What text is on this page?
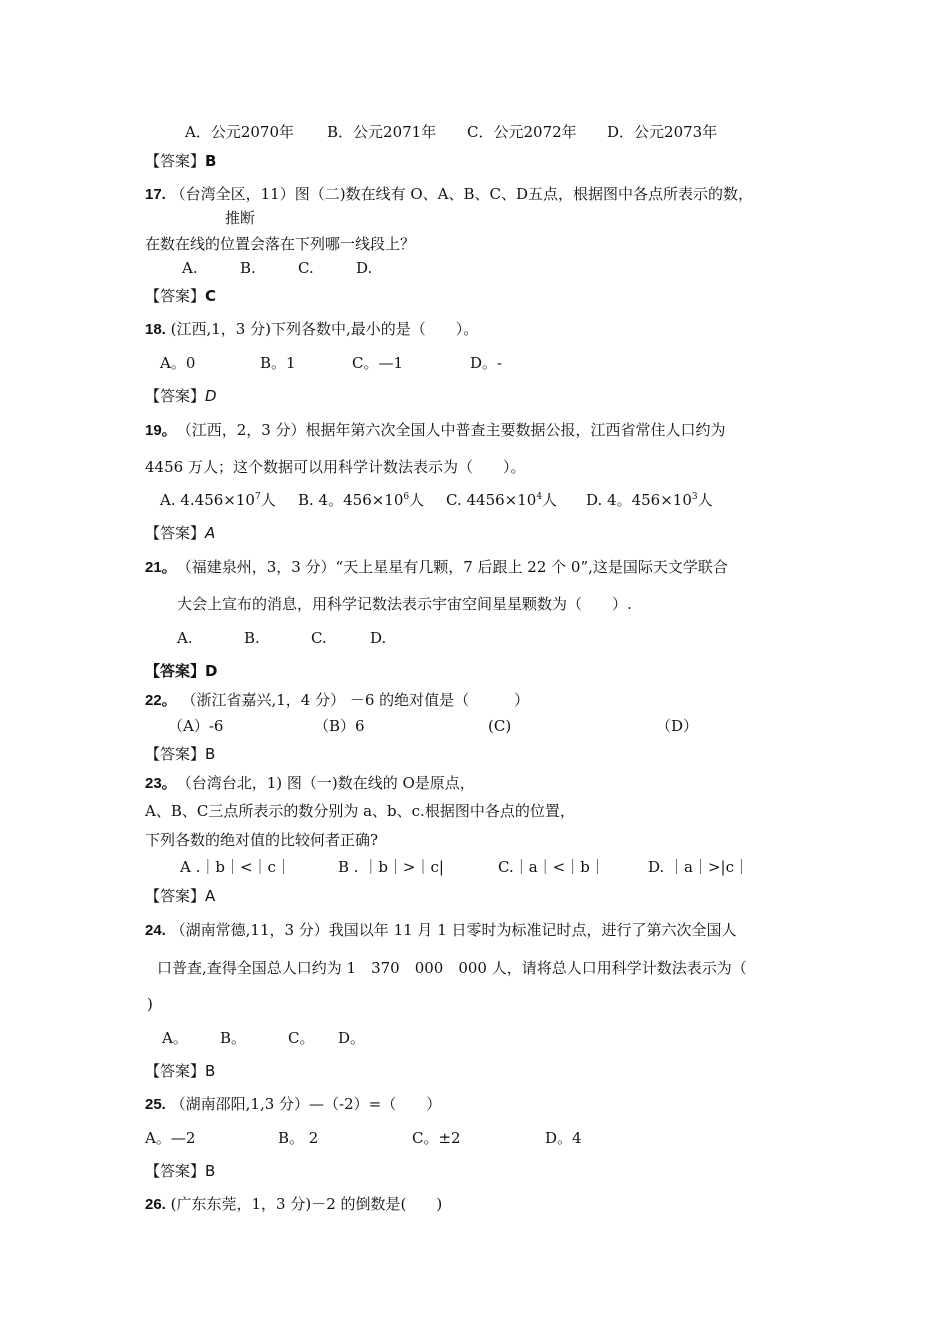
A．公元2070年 B．公元2071年 C．公元2072年 D．公元2073年
【答案】B
17. （台湾全区，11）图（二)数在线有 O、A、B、C、D五点，根据图中各点所表示的数，
推断
在数在线的位置会落在下列哪一线段上？
A.	B.	C.	D.
【答案】C
18. (江西,1，3 分)下列各数中,最小的是（　　）。
A。0	B。1	C。—1	D。-
【答案】D
19。　 （江西，2，3 分）根据年第六次全国人中普查主要数据公报，江西省常住人口约为
4456 万人；这个数据可以用科学计数法表示为（　　）。
A. $4.456\times 10^7$人 B. 4。$456\times 10^6$人 C. $4456\times 10^4$人 D. 4。$456\times 10^3$人
【答案】A
21。　 （福建泉州，3，3 分）“天上星星有几颗，7 后跟上 22 个 0”,这是国际天文学联合
大会上宣布的消息，用科学记数法表示宇宙空间星星颗数为（　　）.
A.	B.	C.	D.
【答案】D
22。 （浙江省嘉兴,1，4 分） －6 的绝对值是（　　　）
（A）-6	（B）6	(C)	（D）
【答案】B
23。　 （台湾台北，1) 图（一)数在线的 O是原点，
A、B、C三点所表示的数分别为 a、b、c.根据图中各点的位置，
下列各数的绝对值的比较何者正确?
A .｜b｜<｜c｜	B . ｜b｜>｜c|	C.｜a｜<｜b｜	D. ｜a｜>|c｜
【答案】A
24. （湖南常德,11，3 分）我国以年 11 月 1 日零时为标准记时点，进行了第六次全国人
口普查,查得全国总人口约为 1　370　000　000 人，请将总人口用科学计数法表示为（
)
A。 B。	C。 D。
【答案】B
25. （湖南邵阳,1,3 分）—（-2）=（　　）
A。—2	B。 2	C。±2	D。4
【答案】B
26. (广东东莞，1，3 分)－2 的倒数是(　　)
